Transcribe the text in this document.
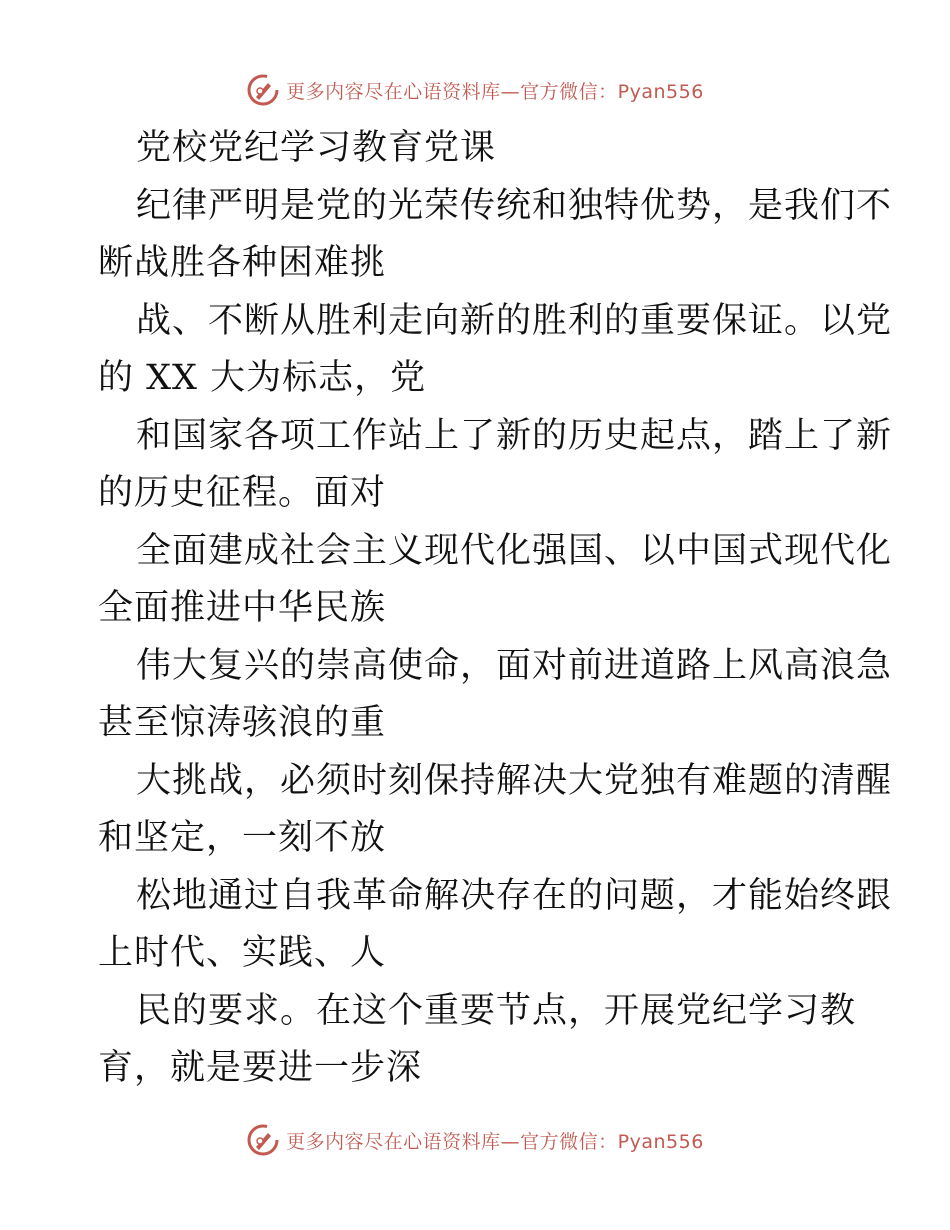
更多内容尽在心语资料库—官方微信：Pyan556
党校党纪学习教育党课
纪律严明是党的光荣传统和独特优势，是我们不
断战胜各种困难挑
战、不断从胜利走向新的胜利的重要保证。以党
的 XX 大为标志，党
和国家各项工作站上了新的历史起点，踏上了新
的历史征程。面对
全面建成社会主义现代化强国、以中国式现代化
全面推进中华民族
伟大复兴的崇高使命，面对前进道路上风高浪急
甚至惊涛骇浪的重
大挑战，必须时刻保持解决大党独有难题的清醒
和坚定，一刻不放
松地通过自我革命解决存在的问题，才能始终跟
上时代、实践、人
民的要求。在这个重要节点，开展党纪学习教
育，就是要进一步深
更多内容尽在心语资料库—官方微信：Pyan556
